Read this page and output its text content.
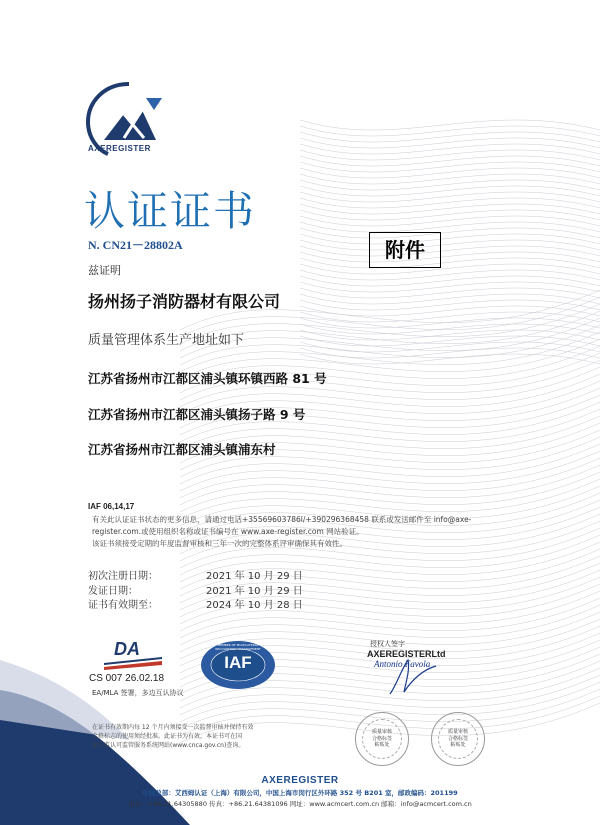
AXEREGISTER
认证证书
N. CN21－28802A	附件
兹证明
扬州扬子消防器材有限公司
质量管理体系生产地址如下
江苏省扬州市江都区浦头镇环镇西路 81 号
江苏省扬州市江都区浦头镇扬子路 9 号
江苏省扬州市江都区浦头镇浦东村
IAF 06,14,17
有关此认证证书状态的更多信息，请通过电话+35569603786l/+390296368458 联系或发送邮件至 info@axe-
register.com.或使用组织名称或证书编号在 www.axe-register.com 网站验证。
该证书须接受定期的年度监督审核和三年一次的完整体系评审确保其有效性。
初次注册日期：	2021 年 10 月 29 日
发证日期：	2021 年 10 月 29 日
证书有效期至：	2024 年 10 月 28 日
授权人签字
AXEREGISTERLtd
Antonio Favola
DA
CS 007 26.02.18
EA/MLA 签署，多边互认协议
IAF
MEMBER OF MULTILATERAL RECOGNITION ARRANGEMENT
在证书有效期内每 12 个月内须接受一次监督审核并保持有效
合格标志的使用须经批准。此证书为有效，本证书可在国
家认监认可监管服务系统网站(www.cnca.gov.cn)查询。
质量审核
合格标签
粘贴处
质量审核
合格标签
粘贴处
AXEREGISTER
中国总部：艾西姆认证（上海）有限公司，中国上海市闵行区外环路 352 号 B201 室，邮政编码：201199
电话：+86.21.64305880 传真：+86.21.64381096 网址：www.acmcert.com.cn 邮箱：info@acmcert.com.cn
